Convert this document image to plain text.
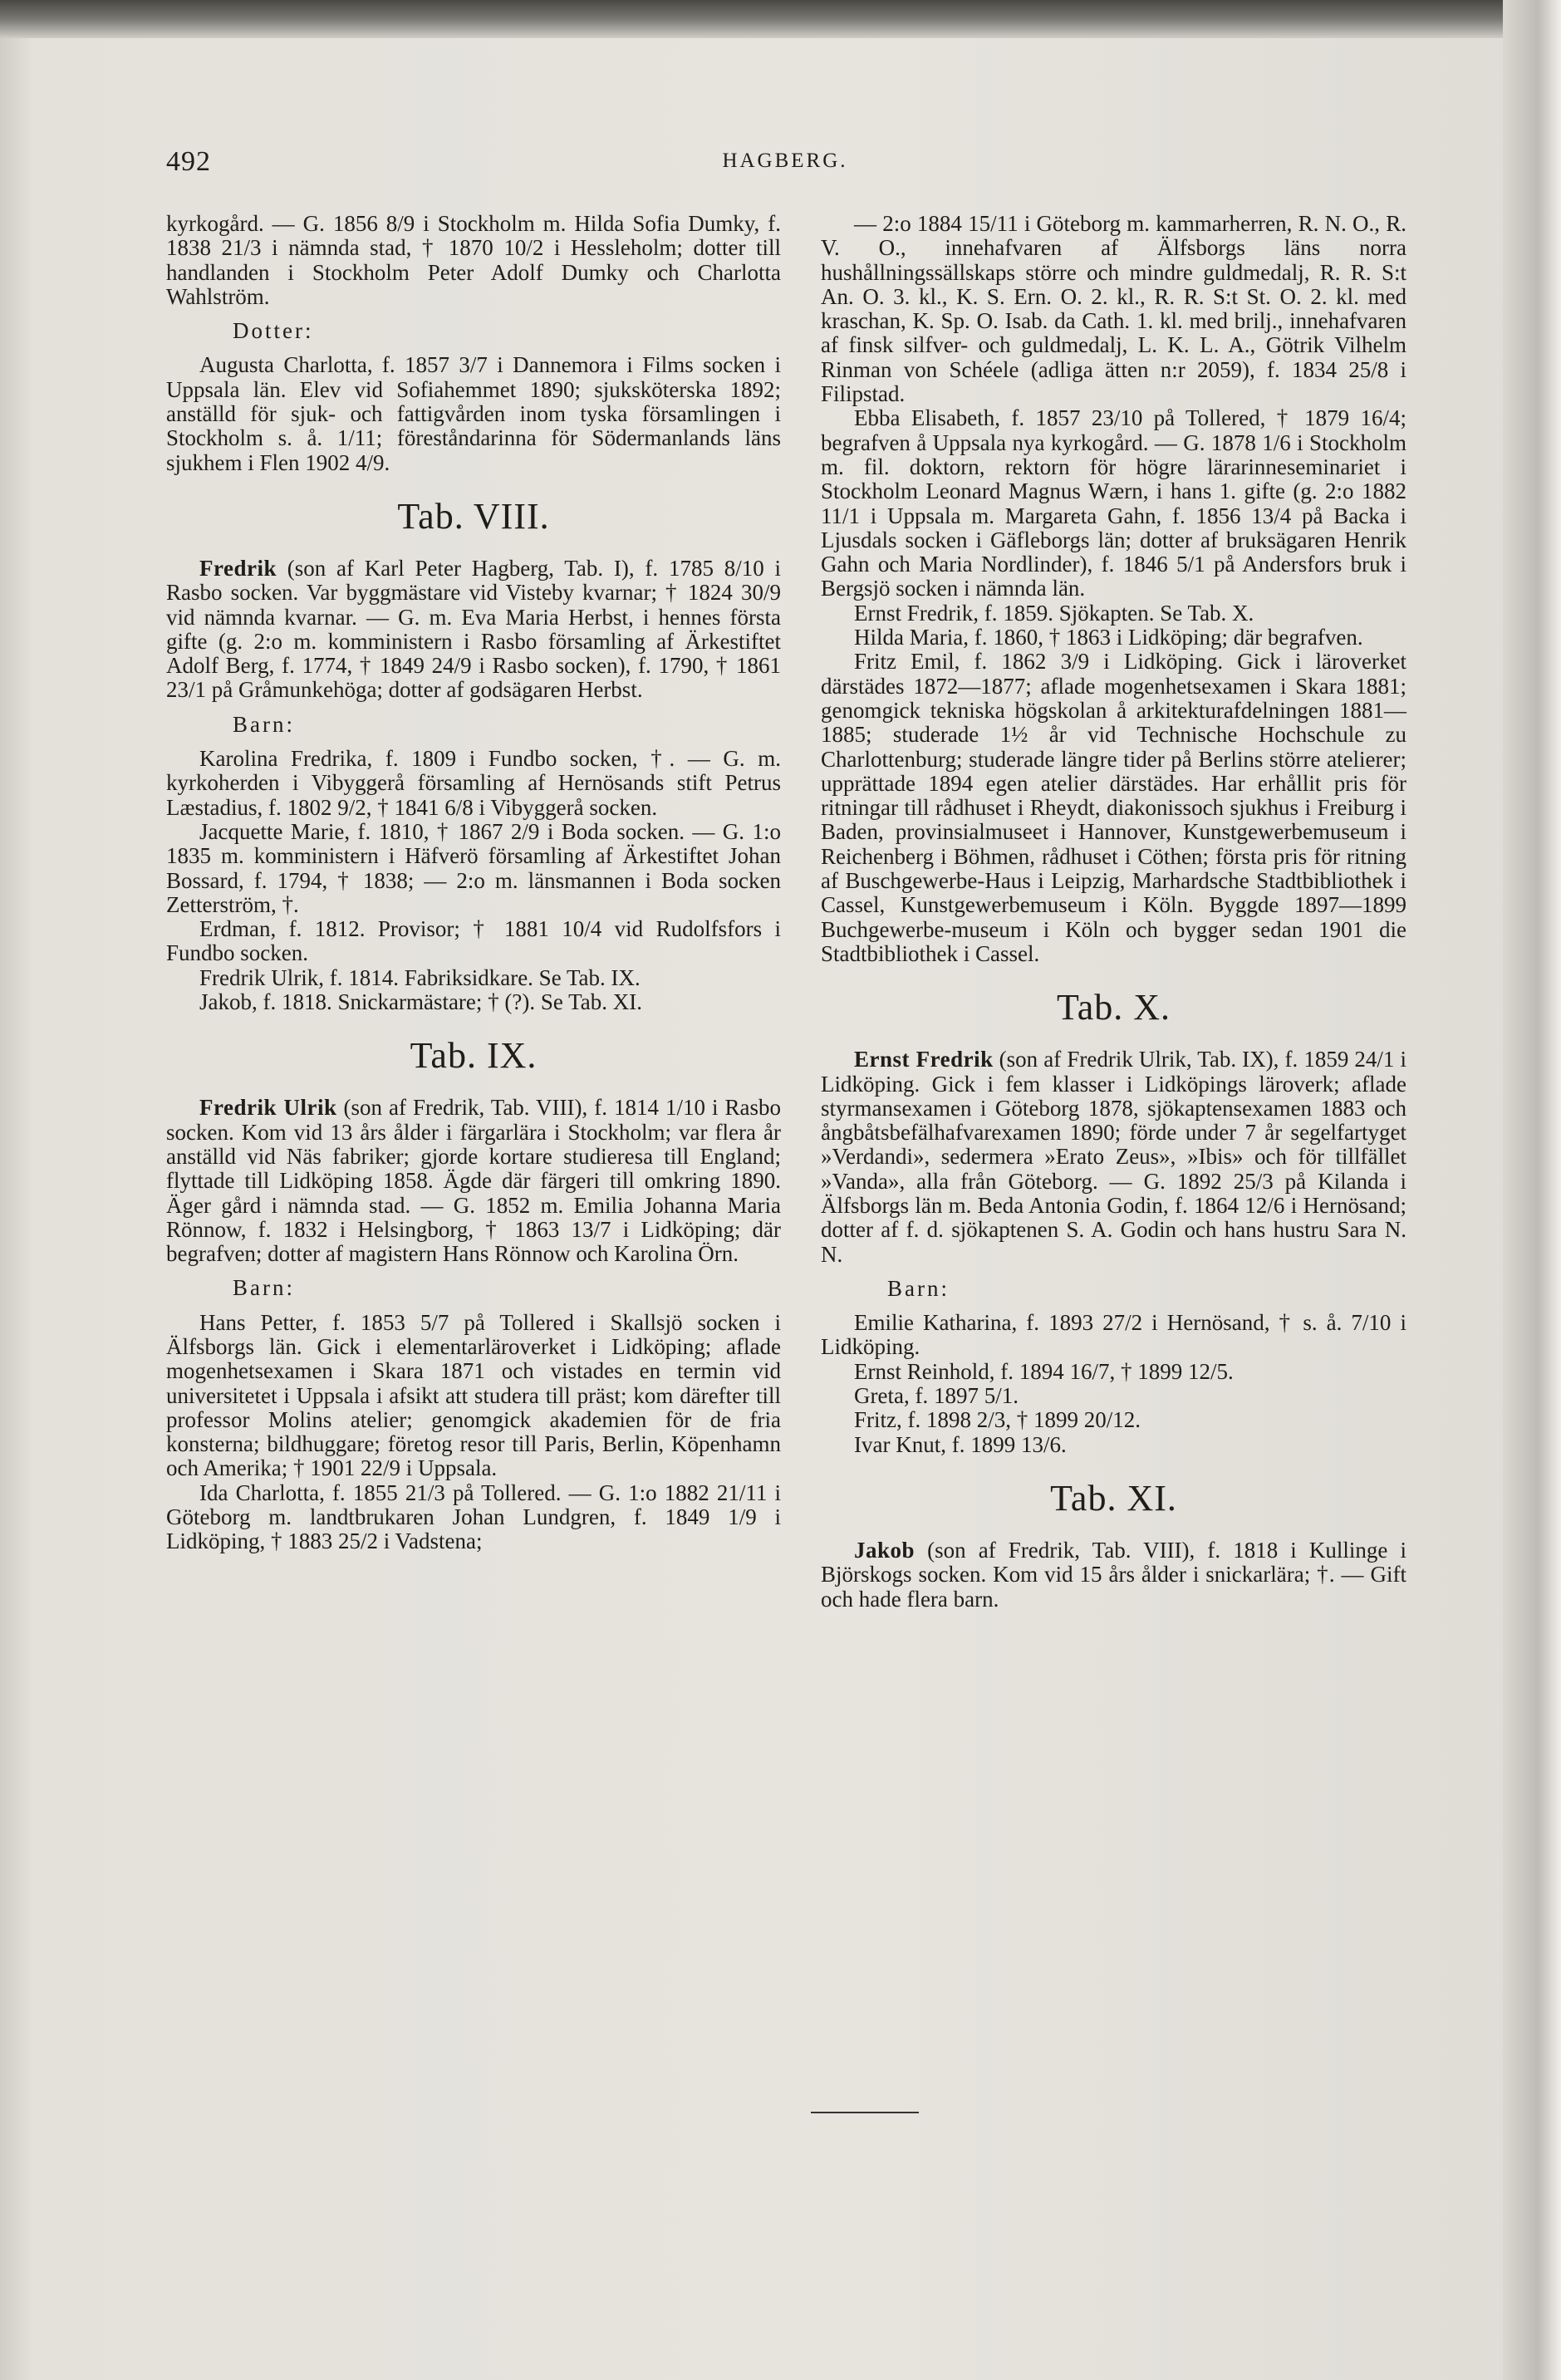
492	HAGBERG.

kyrkogård. — G. 1856 8/9 i Stockholm m. Hilda Sofia Dumky, f. 1838 21/3 i nämnda stad, † 1870 10/2 i Hessleholm; dotter till handlanden i Stockholm Peter Adolf Dumky och Charlotta Wahlström.

Dotter:

Augusta Charlotta, f. 1857 3/7 i Dannemora i Films socken i Uppsala län. Elev vid Sofiahemmet 1890; sjuksköterska 1892; anställd för sjuk- och fattigvården inom tyska församlingen i Stockholm s. å. 1/11; föreståndarinna för Södermanlands läns sjukhem i Flen 1902 4/9.

Tab. VIII.

Fredrik (son af Karl Peter Hagberg, Tab. I), f. 1785 8/10 i Rasbo socken. Var byggmästare vid Visteby kvarnar; † 1824 30/9 vid nämnda kvarnar. — G. m. Eva Maria Herbst, i hennes första gifte (g. 2:o m. komministern i Rasbo församling af Ärkestiftet Adolf Berg, f. 1774, † 1849 24/9 i Rasbo socken), f. 1790, † 1861 23/1 på Gråmunkehöga; dotter af godsägaren Herbst.

Barn:

Karolina Fredrika, f. 1809 i Fundbo socken, †. — G. m. kyrkoherden i Vibyggerå församling af Hernösands stift Petrus Læstadius, f. 1802 9/2, † 1841 6/8 i Vibyggerå socken.

Jacquette Marie, f. 1810, † 1867 2/9 i Boda socken. — G. 1:o 1835 m. komministern i Häfverö församling af Ärkestiftet Johan Bossard, f. 1794, † 1838; — 2:o m. länsmannen i Boda socken Zetterström, †.

Erdman, f. 1812. Provisor; † 1881 10/4 vid Rudolfsfors i Fundbo socken.

Fredrik Ulrik, f. 1814. Fabriksidkare. Se Tab. IX.

Jakob, f. 1818. Snickarmästare; † (?). Se Tab. XI.

Tab. IX.

Fredrik Ulrik (son af Fredrik, Tab. VIII), f. 1814 1/10 i Rasbo socken. Kom vid 13 års ålder i färgarlära i Stockholm; var flera år anställd vid Näs fabriker; gjorde kortare studieresa till England; flyttade till Lidköping 1858. Ägde där färgeri till omkring 1890. Äger gård i nämnda stad. — G. 1852 m. Emilia Johanna Maria Rönnow, f. 1832 i Helsingborg, † 1863 13/7 i Lidköping; där begrafven; dotter af magistern Hans Rönnow och Karolina Örn.

Barn:

Hans Petter, f. 1853 5/7 på Tollered i Skallsjö socken i Älfsborgs län. Gick i elementarläroverket i Lidköping; aflade mogenhetsexamen i Skara 1871 och vistades en termin vid universitetet i Uppsala i afsikt att studera till präst; kom därefter till professor Molins atelier; genomgick akademien för de fria konsterna; bildhuggare; företog resor till Paris, Berlin, Köpenhamn och Amerika; † 1901 22/9 i Uppsala.

Ida Charlotta, f. 1855 21/3 på Tollered. — G. 1:o 1882 21/11 i Göteborg m. landtbrukaren Johan Lundgren, f. 1849 1/9 i Lidköping, † 1883 25/2 i Vadstena;

— 2:o 1884 15/11 i Göteborg m. kammarherren, R. N. O., R. V. O., innehafvaren af Älfsborgs läns norra hushållningssällskaps större och mindre guldmedalj, R. R. S:t An. O. 3. kl., K. S. Ern. O. 2. kl., R. R. S:t St. O. 2. kl. med kraschan, K. Sp. O. Isab. da Cath. 1. kl. med brilj., innehafvaren af finsk silfver- och guldmedalj, L. K. L. A., Götrik Vilhelm Rinman von Schéele (adliga ätten n:r 2059), f. 1834 25/8 i Filipstad.

Ebba Elisabeth, f. 1857 23/10 på Tollered, † 1879 16/4; begrafven å Uppsala nya kyrkogård. — G. 1878 1/6 i Stockholm m. fil. doktorn, rektorn för högre lärarinneseminariet i Stockholm Leonard Magnus Wærn, i hans 1. gifte (g. 2:o 1882 11/1 i Uppsala m. Margareta Gahn, f. 1856 13/4 på Backa i Ljusdals socken i Gäfleborgs län; dotter af bruksägaren Henrik Gahn och Maria Nordlinder), f. 1846 5/1 på Andersfors bruk i Bergsjö socken i nämnda län.

Ernst Fredrik, f. 1859. Sjökapten. Se Tab. X.

Hilda Maria, f. 1860, † 1863 i Lidköping; där begrafven.

Fritz Emil, f. 1862 3/9 i Lidköping. Gick i läroverket därstädes 1872—1877; aflade mogenhetsexamen i Skara 1881; genomgick tekniska högskolan å arkitekturafdelningen 1881—1885; studerade 1½ år vid Technische Hochschule zu Charlottenburg; studerade längre tider på Berlins större atelierer; upprättade 1894 egen atelier därstädes. Har erhållit pris för ritningar till rådhuset i Rheydt, diakonissoch sjukhus i Freiburg i Baden, provinsialmuseet i Hannover, Kunstgewerbemuseum i Reichenberg i Böhmen, rådhuset i Cöthen; första pris för ritning af Buschgewerbe-Haus i Leipzig, Marhardsche Stadtbibliothek i Cassel, Kunstgewerbemuseum i Köln. Byggde 1897—1899 Buchgewerbe-museum i Köln och bygger sedan 1901 die Stadtbibliothek i Cassel.

Tab. X.

Ernst Fredrik (son af Fredrik Ulrik, Tab. IX), f. 1859 24/1 i Lidköping. Gick i fem klasser i Lidköpings läroverk; aflade styrmansexamen i Göteborg 1878, sjökaptensexamen 1883 och ångbåtsbefälhafvarexamen 1890; förde under 7 år segelfartyget »Verdandi», sedermera »Erato Zeus», »Ibis» och för tillfället »Vanda», alla från Göteborg. — G. 1892 25/3 på Kilanda i Älfsborgs län m. Beda Antonia Godin, f. 1864 12/6 i Hernösand; dotter af f. d. sjökaptenen S. A. Godin och hans hustru Sara N. N.

Barn:

Emilie Katharina, f. 1893 27/2 i Hernösand, † s. å. 7/10 i Lidköping.

Ernst Reinhold, f. 1894 16/7, † 1899 12/5.

Greta, f. 1897 5/1.

Fritz, f. 1898 2/3, † 1899 20/12.

Ivar Knut, f. 1899 13/6.

Tab. XI.

Jakob (son af Fredrik, Tab. VIII), f. 1818 i Kullinge i Björskogs socken. Kom vid 15 års ålder i snickarlära; †. — Gift och hade flera barn.
